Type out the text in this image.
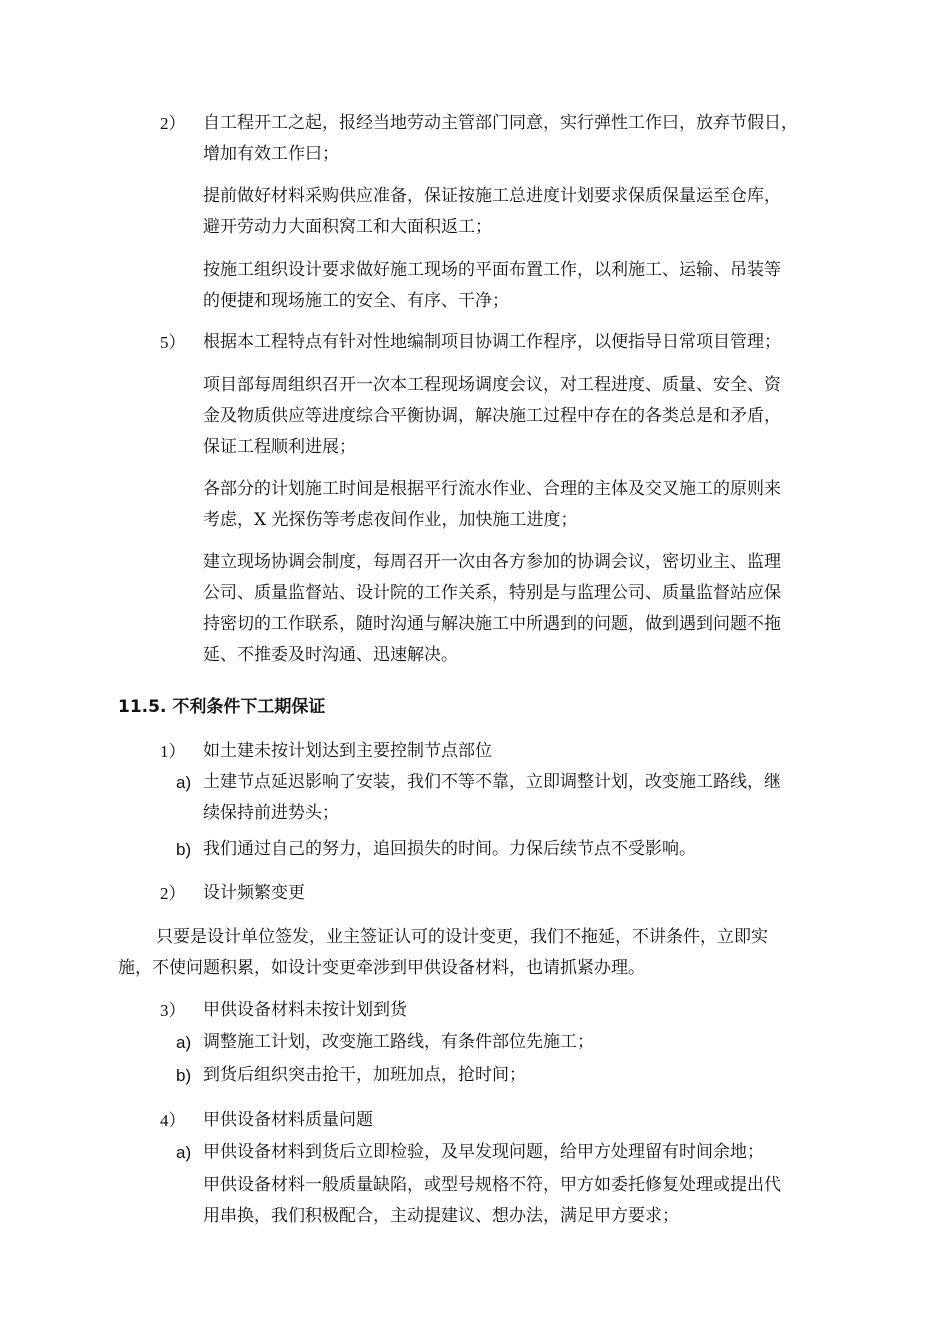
2） 自工程开工之起，报经当地劳动主管部门同意，实行弹性工作曰，放弃节假日，
增加有效工作曰；
提前做好材料采购供应准备，保证按施工总进度计划要求保质保量运至仓库，
避开劳动力大面积窝工和大面积返工；
按施工组织设计要求做好施工现场的平面布置工作，以利施工、运输、吊装等
的便捷和现场施工的安全、有序、干净；
5） 根据本工程特点有针对性地编制项目协调工作程序，以便指导日常项目管理；
项目部每周组织召开一次本工程现场调度会议，对工程进度、质量、安全、资
金及物质供应等进度综合平衡协调，解决施工过程中存在的各类总是和矛盾，
保证工程顺利进展；
各部分的计划施工时间是根据平行流水作业、合理的主体及交叉施工的原则来
考虑，X 光探伤等考虑夜间作业，加快施工进度；
建立现场协调会制度，每周召开一次由各方参加的协调会议，密切业主、监理
公司、质量监督站、设计院的工作关系，特别是与监理公司、质量监督站应保
持密切的工作联系，随时沟通与解决施工中所遇到的问题，做到遇到问题不拖
延、不推委及时沟通、迅速解决。
11.5. 不利条件下工期保证
1） 如土建未按计划达到主要控制节点部位
a) 土建节点延迟影响了安装，我们不等不靠，立即调整计划，改变施工路线，继
续保持前进势头；
b) 我们通过自己的努力，追回损失的时间。力保后续节点不受影响。
2） 设计频繁变更
只要是设计单位签发，业主签证认可的设计变更，我们不拖延，不讲条件，立即实
施，不使问题积累，如设计变更牵涉到甲供设备材料，也请抓紧办理。
3） 甲供设备材料未按计划到货
a) 调整施工计划，改变施工路线，有条件部位先施工；
b) 到货后组织突击抢干，加班加点，抢时间；
4） 甲供设备材料质量问题
a) 甲供设备材料到货后立即检验，及早发现问题，给甲方处理留有时间余地；
甲供设备材料一般质量缺陷，或型号规格不符，甲方如委托修复处理或提出代
用串换，我们积极配合，主动提建议、想办法，满足甲方要求；
